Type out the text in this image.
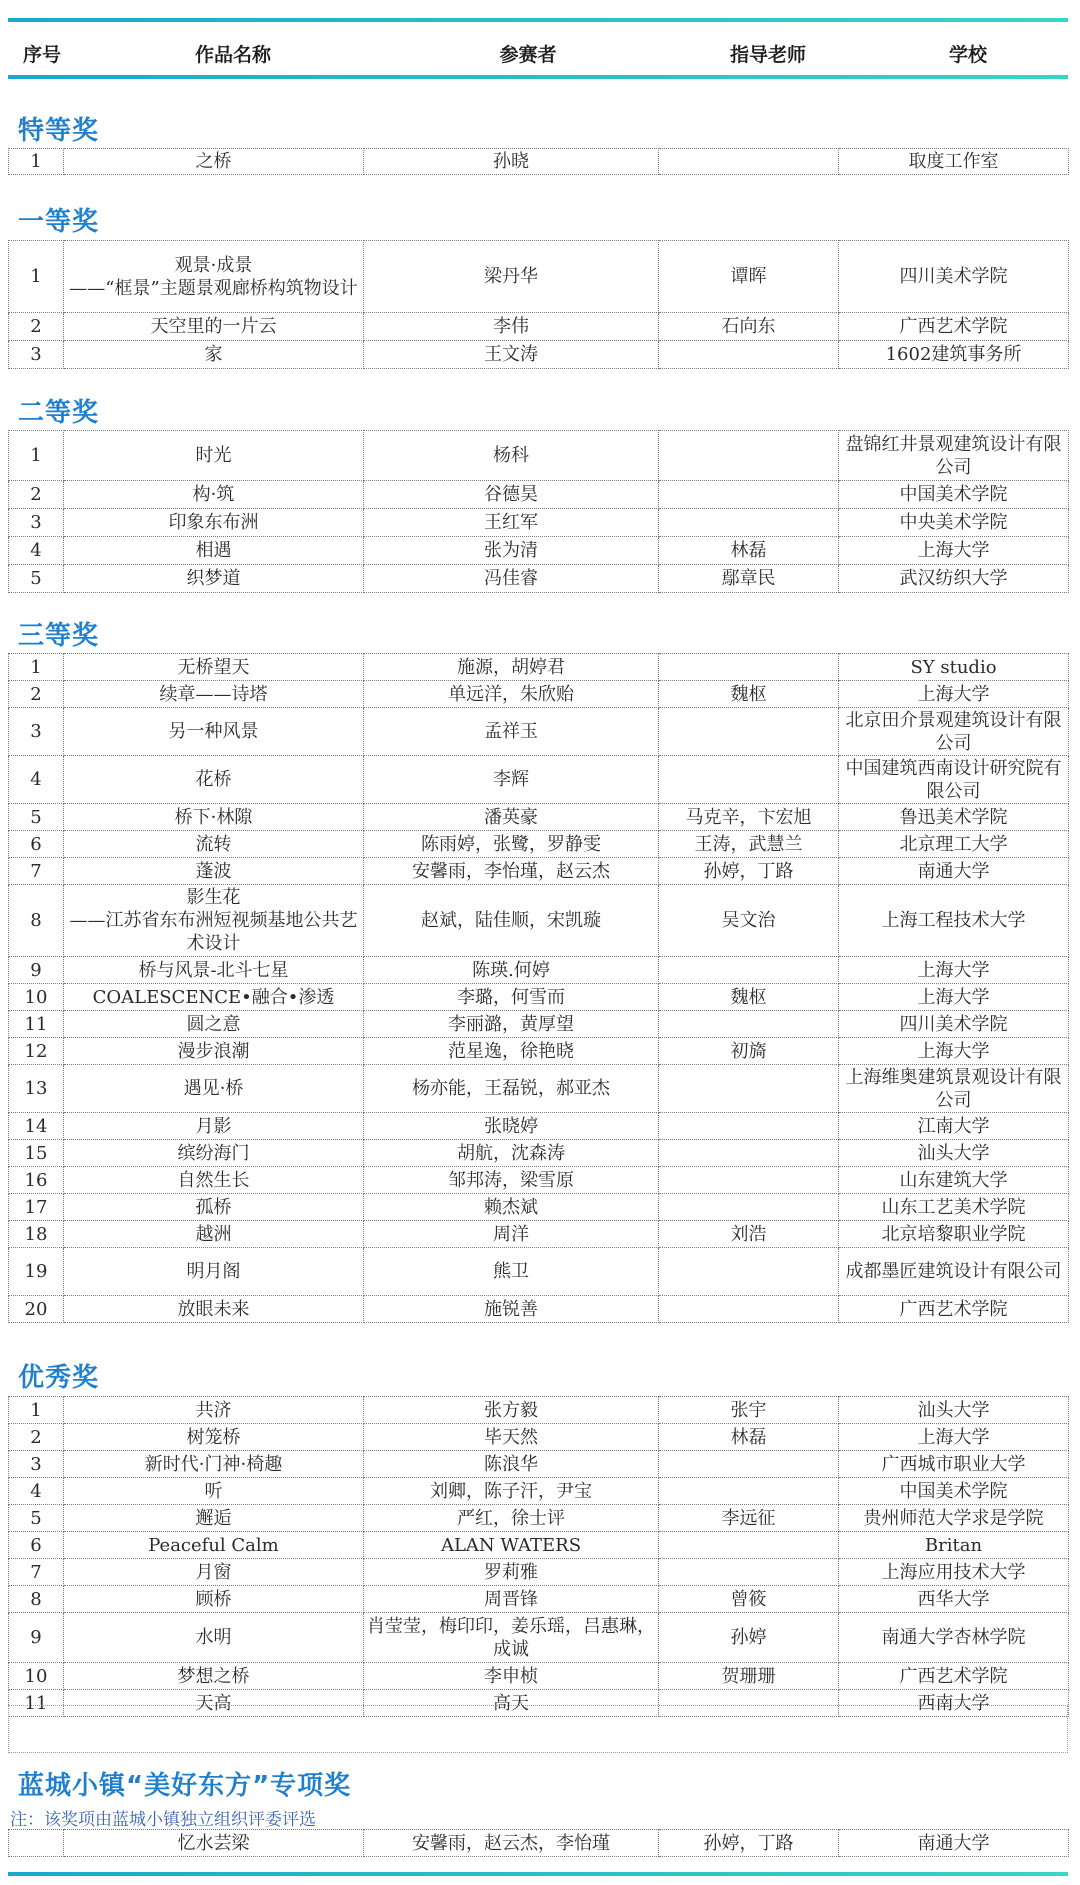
序号	作品名称	参赛者	指导老师	学校
特等奖
1	之桥	孙晓		取度工作室
一等奖
1	观景·成景
——“框景”主题景观廊桥构筑物设计	梁丹华	谭晖	四川美术学院
2	天空里的一片云	李伟	石向东	广西艺术学院
3	家	王文涛		1602建筑事务所
二等奖
1	时光	杨科		盘锦红井景观建筑设计有限公司
2	构·筑	谷德昊		中国美术学院
3	印象东布洲	王红军		中央美术学院
4	相遇	张为清	林磊	上海大学
5	织梦道	冯佳睿	鄢章民	武汉纺织大学
三等奖
1	无桥望天	施源，胡婷君		SY studio
2	续章——诗塔	单远洋，朱欣贻	魏枢	上海大学
3	另一种风景	孟祥玉		北京田介景观建筑设计有限公司
4	花桥	李辉		中国建筑西南设计研究院有限公司
5	桥下·林隙	潘英豪	马克辛，卞宏旭	鲁迅美术学院
6	流转	陈雨婷，张鹭，罗静雯	王涛，武慧兰	北京理工大学
7	蓬波	安馨雨，李怡瑾，赵云杰	孙婷，丁路	南通大学
8	影生花
——江苏省东布洲短视频基地公共艺术设计	赵斌，陆佳顺，宋凯璇	吴文治	上海工程技术大学
9	桥与风景-北斗七星	陈瑛.何婷		上海大学
10	COALESCENCE•融合•渗透	李璐，何雪而	魏枢	上海大学
11	圆之意	李丽潞，黄厚望		四川美术学院
12	漫步浪潮	范星逸，徐艳晓	初旖	上海大学
13	遇见·桥	杨亦能，王磊锐，郝亚杰		上海维奥建筑景观设计有限公司
14	月影	张晓婷		江南大学
15	缤纷海门	胡航，沈森涛		汕头大学
16	自然生长	邹邦涛，梁雪原		山东建筑大学
17	孤桥	赖杰斌		山东工艺美术学院
18	越洲	周洋	刘浩	北京培黎职业学院
19	明月阁	熊卫		成都墨匠建筑设计有限公司
20	放眼未来	施锐善		广西艺术学院
优秀奖
1	共济	张方毅	张宇	汕头大学
2	树笼桥	毕天然	林磊	上海大学
3	新时代·门神·椅趣	陈浪华		广西城市职业大学
4	听	刘卿，陈子汗，尹宝		中国美术学院
5	邂逅	严红，徐士评	李远征	贵州师范大学求是学院
6	Peaceful Calm	ALAN WATERS		Britan
7	月窗	罗莉雅		上海应用技术大学
8	顾桥	周晋锋	曾筱	西华大学
9	水明	肖莹莹，梅印印，姜乐瑶，吕惠琳，成诚	孙婷	南通大学杏林学院
10	梦想之桥	李申桢	贺珊珊	广西艺术学院
11	天高	高天		西南大学
蓝城小镇“美好东方”专项奖
注：该奖项由蓝城小镇独立组织评委评选
	忆水芸梁	安馨雨，赵云杰，李怡瑾	孙婷，丁路	南通大学
